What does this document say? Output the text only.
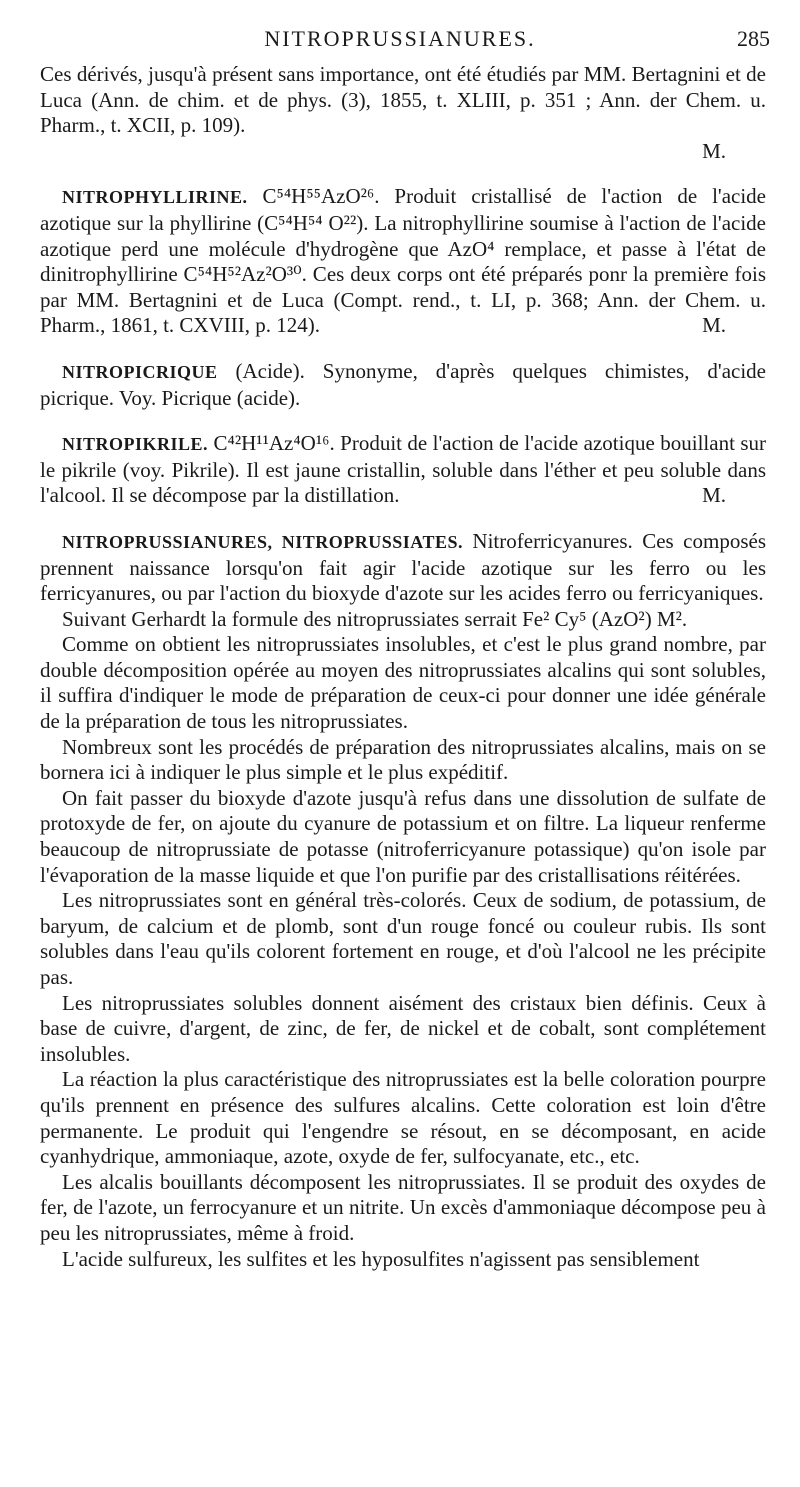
NITROPRUSSIANURES.	285

Ces dérivés, jusqu'à présent sans importance, ont été étudiés par MM. Bertagnini et de Luca (Ann. de chim. et de phys. (3), 1855, t. XLIII, p. 351 ; Ann. der Chem. u. Pharm., t. XCII, p. 109).

M.

NITROPHYLLIRINE. C⁵⁴H⁵⁵AzO²⁶. Produit cristallisé de l'action de l'acide azotique sur la phyllirine (C⁵⁴H⁵⁴ O²²). La nitrophyllirine soumise à l'action de l'acide azotique perd une molécule d'hydrogène que AzO⁴ remplace, et passe à l'état de dinitrophyllirine C⁵⁴H⁵²Az²O³⁰. Ces deux corps ont été préparés ponr la première fois par MM. Bertagnini et de Luca (Compt. rend., t. LI, p. 368; Ann. der Chem. u. Pharm., 1861, t. CXVIII, p. 124).	M.

NITROPICRIQUE (Acide). Synonyme, d'après quelques chimistes, d'acide picrique. Voy. Picrique (acide).

NITROPIKRILE. C⁴²H¹¹Az⁴O¹⁶. Produit de l'action de l'acide azotique bouillant sur le pikrile (voy. Pikrile). Il est jaune cristallin, soluble dans l'éther et peu soluble dans l'alcool. Il se décompose par la distillation.	M.

NITROPRUSSIANURES, NITROPRUSSIATES. Nitroferricyanures. Ces composés prennent naissance lorsqu'on fait agir l'acide azotique sur les ferro ou les ferricyanures, ou par l'action du bioxyde d'azote sur les acides ferro ou ferricyaniques.

Suivant Gerhardt la formule des nitroprussiates serrait Fe² Cy⁵ (AzO²) M².

Comme on obtient les nitroprussiates insolubles, et c'est le plus grand nombre, par double décomposition opérée au moyen des nitroprussiates alcalins qui sont solubles, il suffira d'indiquer le mode de préparation de ceux-ci pour donner une idée générale de la préparation de tous les nitroprussiates.

Nombreux sont les procédés de préparation des nitroprussiates alcalins, mais on se bornera ici à indiquer le plus simple et le plus expéditif.

On fait passer du bioxyde d'azote jusqu'à refus dans une dissolution de sulfate de protoxyde de fer, on ajoute du cyanure de potassium et on filtre. La liqueur renferme beaucoup de nitroprussiate de potasse (nitroferricyanure potassique) qu'on isole par l'évaporation de la masse liquide et que l'on purifie par des cristallisations réitérées.

Les nitroprussiates sont en général très-colorés. Ceux de sodium, de potassium, de baryum, de calcium et de plomb, sont d'un rouge foncé ou couleur rubis. Ils sont solubles dans l'eau qu'ils colorent fortement en rouge, et d'où l'alcool ne les précipite pas.

Les nitroprussiates solubles donnent aisément des cristaux bien définis. Ceux à base de cuivre, d'argent, de zinc, de fer, de nickel et de cobalt, sont complétement insolubles.

La réaction la plus caractéristique des nitroprussiates est la belle coloration pourpre qu'ils prennent en présence des sulfures alcalins. Cette coloration est loin d'être permanente. Le produit qui l'engendre se résout, en se décomposant, en acide cyanhydrique, ammoniaque, azote, oxyde de fer, sulfocyanate, etc., etc.

Les alcalis bouillants décomposent les nitroprussiates. Il se produit des oxydes de fer, de l'azote, un ferrocyanure et un nitrite. Un excès d'ammoniaque décompose peu à peu les nitroprussiates, même à froid.

L'acide sulfureux, les sulfites et les hyposulfites n'agissent pas sensiblement
